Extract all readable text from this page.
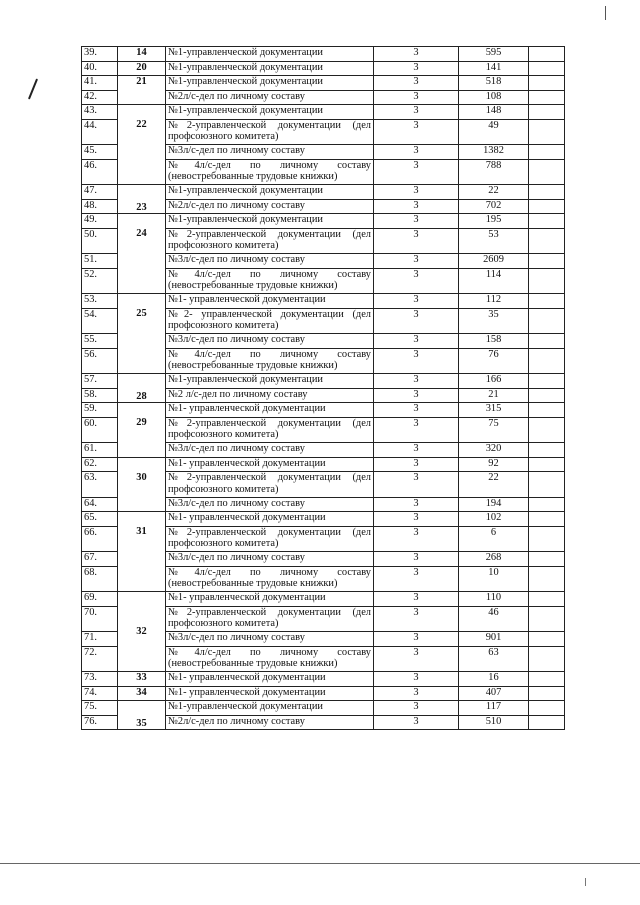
39.	14	№1-управленческой документации	3	595	
40.	20	№1-управленческой документации	3	141	
41.	21	№1-управленческой документации	3	518	
42.		№2л/с-дел по личному составу	3	108	
43.	22	№1-управленческой документации	3	148	
44.		№2-управленческой документации (дел профсоюзного комитета)	3	49	
45.		№3л/с-дел по личному составу	3	1382	
46.		№4л/с-дел по личному составу (невостребованные трудовые книжки)	3	788	
47.	23	№1-управленческой документации	3	22	
48.		№2л/с-дел по личному составу	3	702	
49.	24	№1-управленческой документации	3	195	
50.		№2-управленческой документации (дел профсоюзного комитета)	3	53	
51.		№3л/с-дел по личному составу	3	2609	
52.		№4л/с-дел по личному составу (невостребованные трудовые книжки)	3	114	
53.	25	№1- управленческой документации	3	112	
54.		№2- управленческой документации (дел профсоюзного комитета)	3	35	
55.		№3л/с-дел по личному составу	3	158	
56.		№4л/с-дел по личному составу (невостребованные трудовые книжки)	3	76	
57.	28	№1-управленческой документации	3	166	
58.		№2 л/с-дел по личному составу	3	21	
59.	29	№1- управленческой документации	3	315	
60.		№2-управленческой документации (дел профсоюзного комитета)	3	75	
61.		№3л/с-дел по личному составу	3	320	
62.	30	№1- управленческой документации	3	92	
63.		№2-управленческой документации (дел профсоюзного комитета)	3	22	
64.		№3л/с-дел по личному составу	3	194	
65.	31	№1- управленческой документации	3	102	
66.		№2-управленческой документации (дел профсоюзного комитета)	3	6	
67.		№3л/с-дел по личному составу	3	268	
68.		№4л/с-дел по личному составу (невостребованные трудовые книжки)	3	10	
69.	32	№1- управленческой документации	3	110	
70.		№2-управленческой документации (дел профсоюзного комитета)	3	46	
71.		№3л/с-дел по личному составу	3	901	
72.		№4л/с-дел по личному составу (невостребованные трудовые книжки)	3	63	
73.	33	№1- управленческой документации	3	16	
74.	34	№1- управленческой документации	3	407	
75.	35	№1-управленческой документации	3	117	
76.		№2л/с-дел по личному составу	3	510	
